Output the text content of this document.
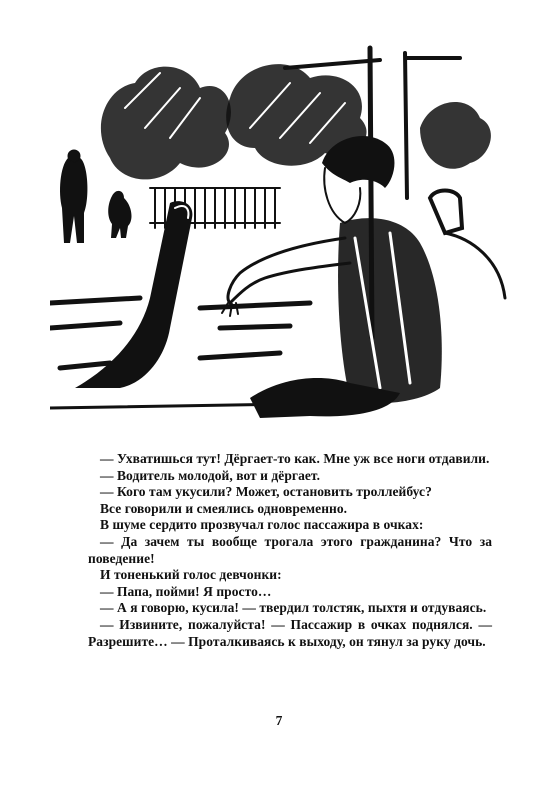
— Ухватишься тут! Дёргает-то как. Мне уж все ноги отдавили.

— Водитель молодой, вот и дёргает.

— Кого там укусили? Может, остановить троллейбус?

Все говорили и смеялись одновременно.

В шуме сердито прозвучал голос пассажира в очках:

— Да зачем ты вообще трогала этого гражданина? Что за поведение!

И тоненький голос девчонки:

— Папа, пойми! Я просто…

— А я говорю, кусила! — твердил толстяк, пыхтя и отдуваясь.

— Извините, пожалуйста! — Пассажир в очках поднялся. — Разрешите… — Проталкиваясь к выходу, он тянул за руку дочь.

7
